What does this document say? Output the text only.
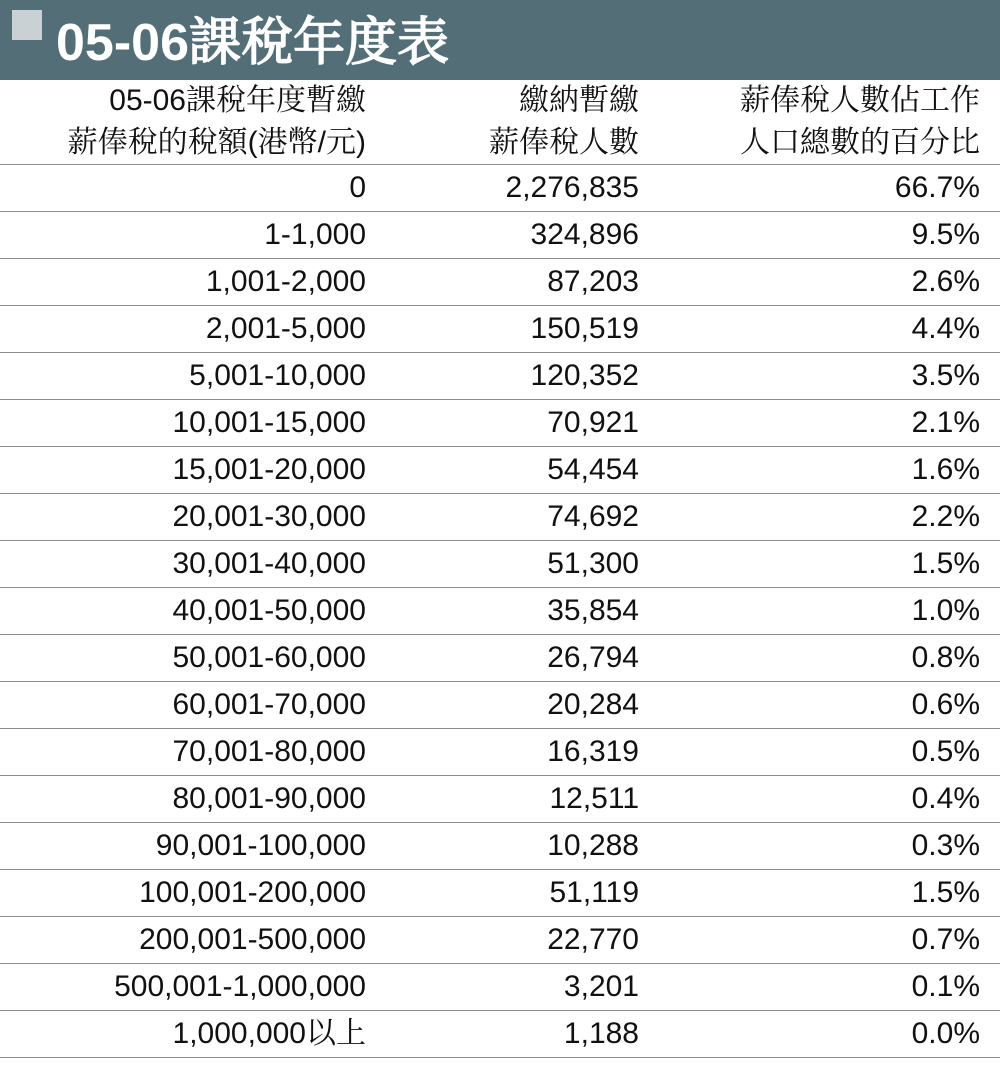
05-06課稅年度表
05-06課稅年度暫繳	繳納暫繳	薪俸稅人數佔工作
薪俸稅的稅額(港幣/元)	薪俸稅人數	人口總數的百分比
0	2,276,835	66.7%
1-1,000	324,896	9.5%
1,001-2,000	87,203	2.6%
2,001-5,000	150,519	4.4%
5,001-10,000	120,352	3.5%
10,001-15,000	70,921	2.1%
15,001-20,000	54,454	1.6%
20,001-30,000	74,692	2.2%
30,001-40,000	51,300	1.5%
40,001-50,000	35,854	1.0%
50,001-60,000	26,794	0.8%
60,001-70,000	20,284	0.6%
70,001-80,000	16,319	0.5%
80,001-90,000	12,511	0.4%
90,001-100,000	10,288	0.3%
100,001-200,000	51,119	1.5%
200,001-500,000	22,770	0.7%
500,001-1,000,000	3,201	0.1%
1,000,000以上	1,188	0.0%
